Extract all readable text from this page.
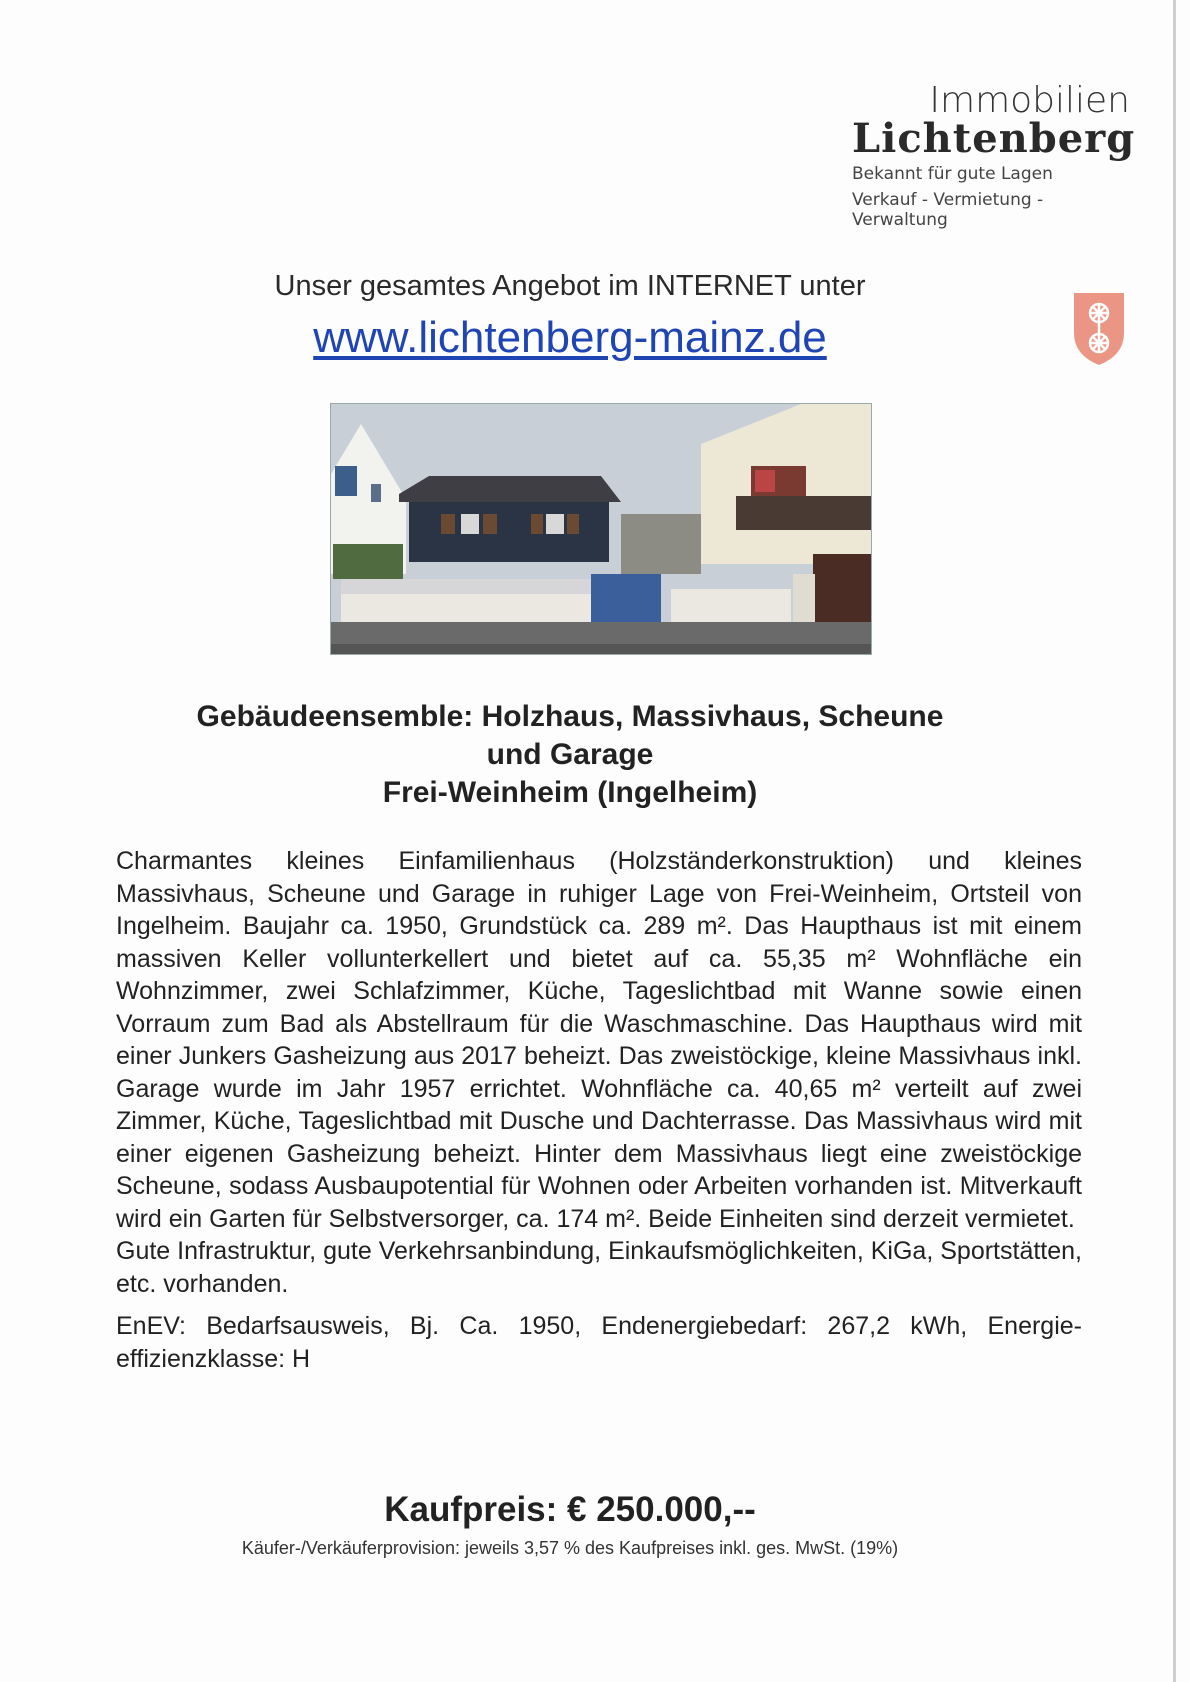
Immobilien
Lichtenberg
Bekannt für gute Lagen
Verkauf - Vermietung - Verwaltung
Unser gesamtes Angebot im INTERNET unter
www.lichtenberg-mainz.de
Gebäudeensemble: Holzhaus, Massivhaus, Scheune
und Garage
Frei-Weinheim (Ingelheim)

Charmantes kleines Einfamilienhaus (Holzständerkonstruktion) und kleines Massivhaus, Scheune und Garage in ruhiger Lage von Frei-Weinheim, Ortsteil von Ingelheim. Baujahr ca. 1950, Grundstück ca. 289 m². Das Haupthaus ist mit einem massiven Keller vollunterkellert und bietet auf ca. 55,35 m² Wohnfläche ein Wohnzimmer, zwei Schlafzimmer, Küche, Tageslichtbad mit Wanne sowie einen Vorraum zum Bad als Abstellraum für die Waschmaschine. Das Haupthaus wird mit einer Junkers Gasheizung aus 2017 beheizt. Das zweistöckige, kleine Massivhaus inkl. Garage wurde im Jahr 1957 errichtet. Wohnfläche ca. 40,65 m² verteilt auf zwei Zimmer, Küche, Tageslichtbad mit Dusche und Dachterrasse. Das Massivhaus wird mit einer eigenen Gasheizung beheizt. Hinter dem Massivhaus liegt eine zweistöckige Scheune, sodass Ausbaupotential für Wohnen oder Arbeiten vorhanden ist. Mitverkauft wird ein Garten für Selbstversorger, ca. 174 m². Beide Einheiten sind derzeit vermietet.

Gute Infrastruktur, gute Verkehrsanbindung, Einkaufsmöglichkeiten, KiGa, Sportstätten, etc. vorhanden.

EnEV: Bedarfsausweis, Bj. Ca. 1950, Endenergiebedarf: 267,2 kWh, Energieeffizienzklasse: H

Kaufpreis: € 250.000,--
Käufer-/Verkäuferprovision: jeweils 3,57 % des Kaufpreises inkl. ges. MwSt. (19%)
